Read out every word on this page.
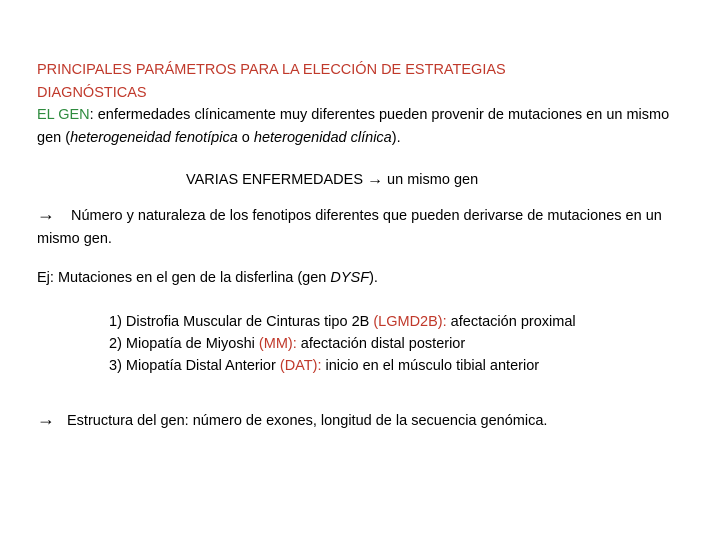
PRINCIPALES PARÁMETROS PARA LA ELECCIÓN DE ESTRATEGIAS
DIAGNÓSTICAS
EL GEN: enfermedades clínicamente muy diferentes pueden provenir de mutaciones en un mismo gen (heterogeneidad fenotípica o heterogenidad clínica).
VARIAS ENFERMEDADES → un mismo gen
→ Número y naturaleza de los fenotipos diferentes que pueden derivarse de mutaciones en un mismo gen.
Ej: Mutaciones en el gen de la disferlina (gen DYSF).
1) Distrofia Muscular de Cinturas tipo 2B (LGMD2B): afectación proximal
2) Miopatía de Miyoshi (MM): afectación distal posterior
3) Miopatía Distal Anterior (DAT): inicio en el músculo tibial anterior
→ Estructura del gen: número de exones, longitud de la secuencia genómica.
